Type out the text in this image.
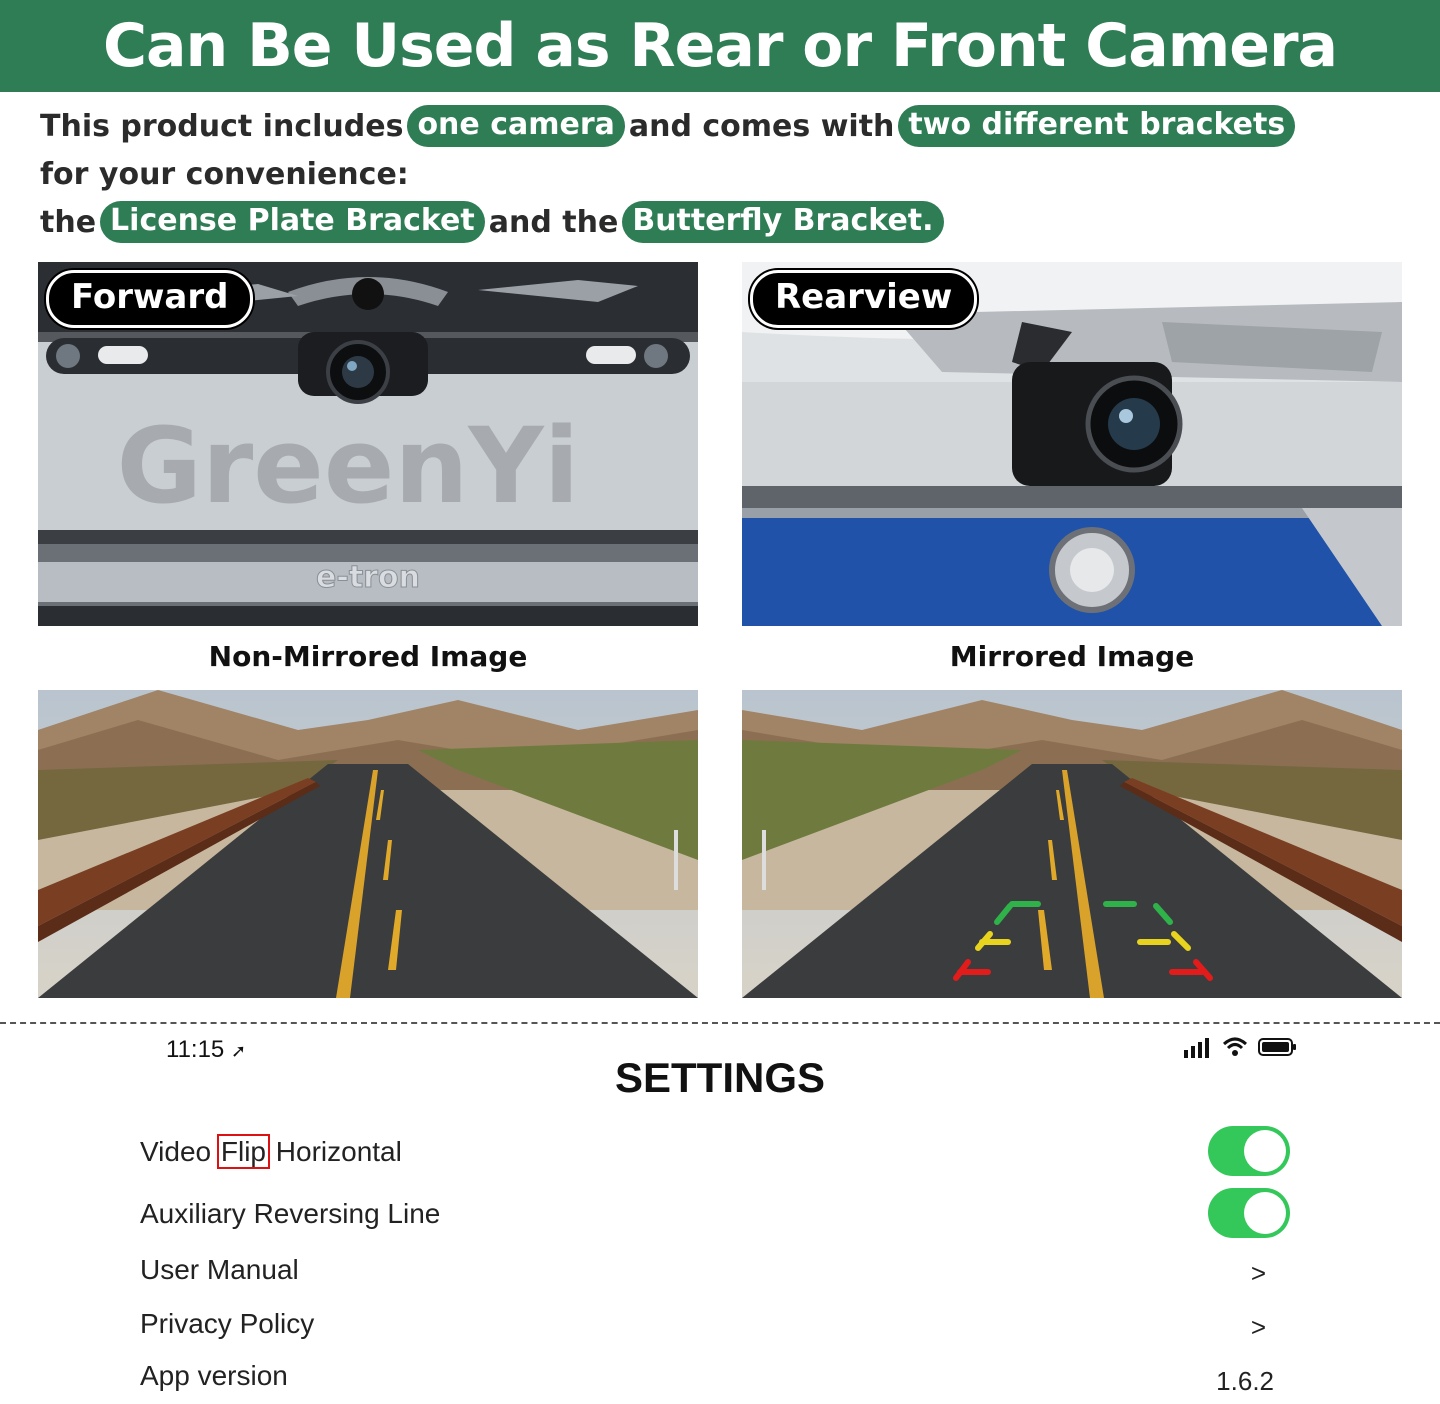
Can Be Used as Rear or Front Camera
This product includes one camera and comes with two different brackets
for your convenience:
the License Plate Bracket and the Butterfly Bracket.
e-tron
GreenYi
Forward	Rearview
Non-Mirrored Image	Mirrored Image
11:15 ➚
SETTINGS
Video Flip Horizontal
Auxiliary Reversing Line
User Manual	>
Privacy Policy	>
App version	1.6.2
